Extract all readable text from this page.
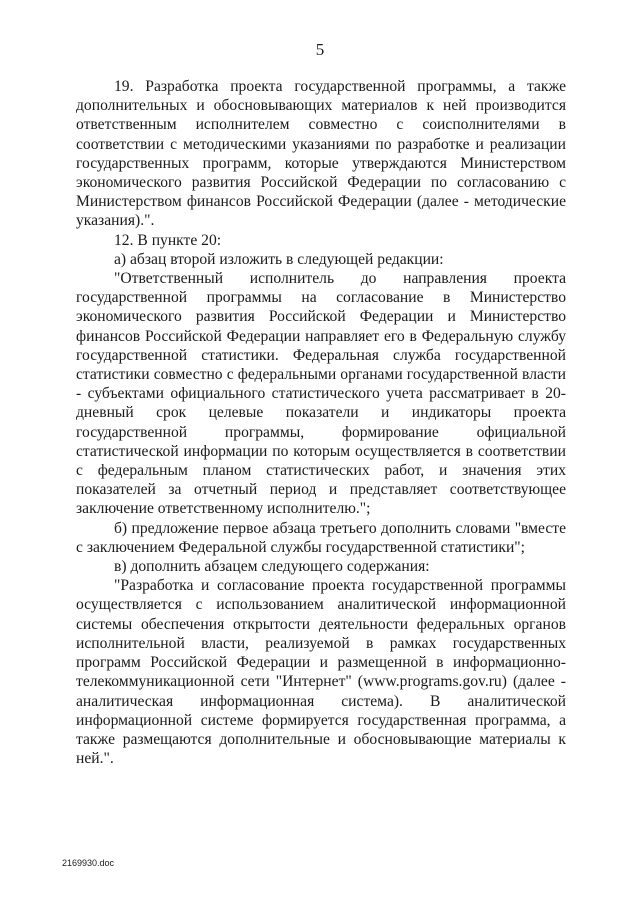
5

19. Разработка проекта государственной программы, а также дополнительных и обосновывающих материалов к ней производится ответственным исполнителем совместно с соисполнителями в соответствии с методическими указаниями по разработке и реализации государственных программ, которые утверждаются Министерством экономического развития Российской Федерации по согласованию с Министерством финансов Российской Федерации (далее - методические указания).".

12. В пункте 20:

а) абзац второй изложить в следующей редакции:

"Ответственный исполнитель до направления проекта государственной программы на согласование в Министерство экономического развития Российской Федерации и Министерство финансов Российской Федерации направляет его в Федеральную службу государственной статистики. Федеральная служба государственной статистики совместно с федеральными органами государственной власти - субъектами официального статистического учета рассматривает в 20-дневный срок целевые показатели и индикаторы проекта государственной программы, формирование официальной статистической информации по которым осуществляется в соответствии с федеральным планом статистических работ, и значения этих показателей за отчетный период и представляет соответствующее заключение ответственному исполнителю.";

б) предложение первое абзаца третьего дополнить словами "вместе с заключением Федеральной службы государственной статистики";

в) дополнить абзацем следующего содержания:

"Разработка и согласование проекта государственной программы осуществляется с использованием аналитической информационной системы обеспечения открытости деятельности федеральных органов исполнительной власти, реализуемой в рамках государственных программ Российской Федерации и размещенной в информационно-телекоммуникационной сети "Интернет" (www.programs.gov.ru) (далее - аналитическая информационная система). В аналитической информационной системе формируется государственная программа, а также размещаются дополнительные и обосновывающие материалы к ней.".

2169930.doc
